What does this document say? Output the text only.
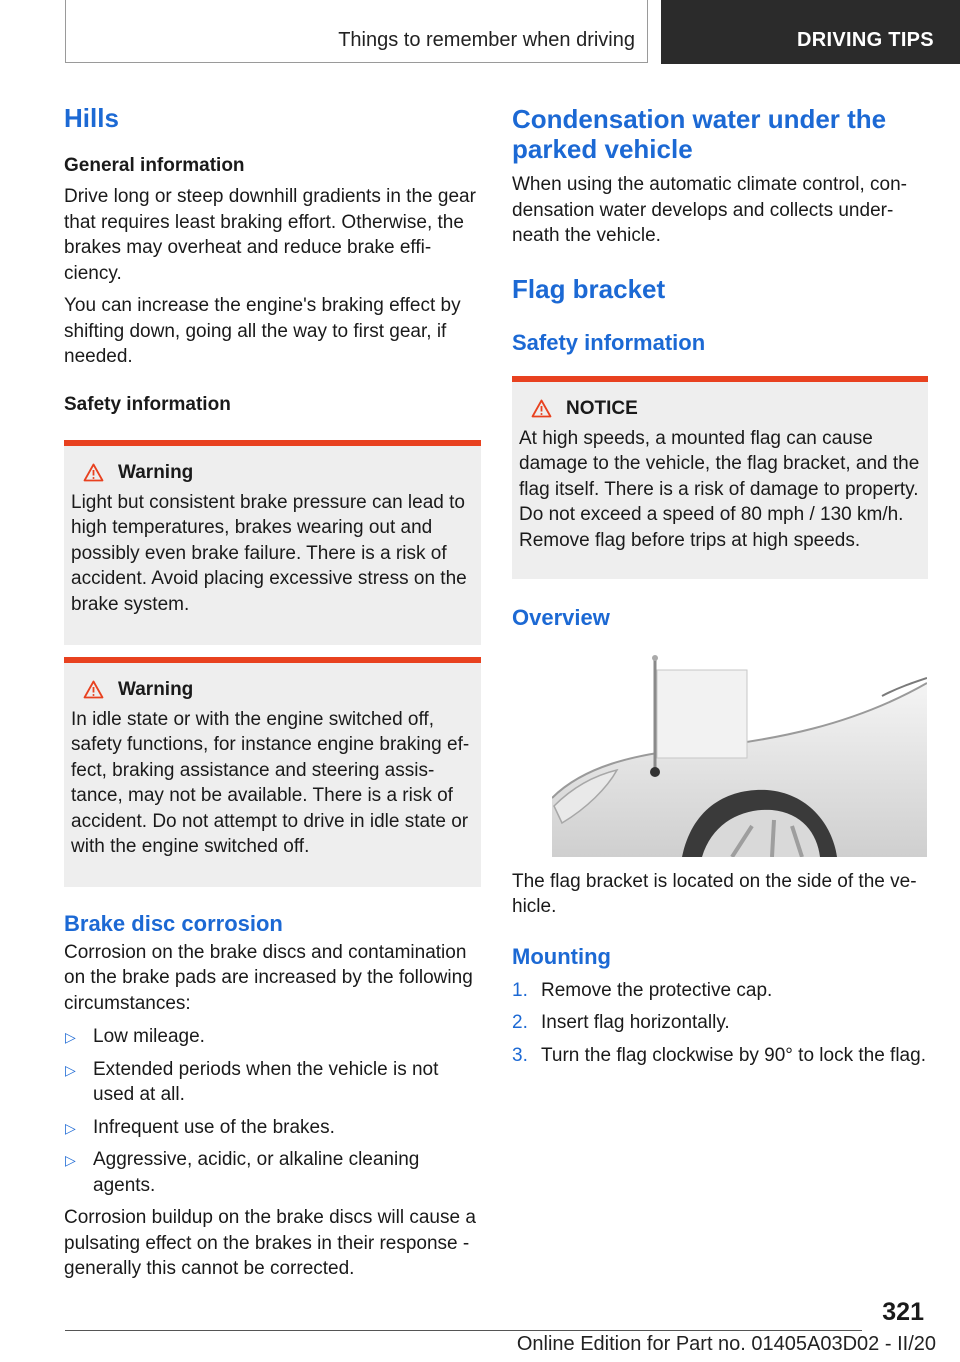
Things to remember when driving	DRIVING TIPS
Hills
General information

Drive long or steep downhill gradients in the gear that requires least braking effort. Otherwise, the brakes may overheat and reduce brake effi ciency.

You can increase the engine's braking effect by shifting down, going all the way to first gear, if needed.

Safety information
Warning

Light but consistent brake pressure can lead to high temperatures, brakes wearing out and possibly even brake failure. There is a risk of accident. Avoid placing excessive stress on the brake system.

Warning

In idle state or with the engine switched off, safety functions, for instance engine braking ef fect, braking assistance and steering assis tance, may not be available. There is a risk of accident. Do not attempt to drive in idle state or with the engine switched off.

Brake disc corrosion

Corrosion on the brake discs and contamination on the brake pads are increased by the following circumstances:

▷ Low mileage.
▷ Extended periods when the vehicle is not used at all.
▷ Infrequent use of the brakes.
▷ Aggressive, acidic, or alkaline cleaning agents.

Corrosion buildup on the brake discs will cause a pulsating effect on the brakes in their response - generally this cannot be corrected.

Condensation water under the parked vehicle

When using the automatic climate control, con densation water develops and collects under neath the vehicle.

Flag bracket
Safety information
NOTICE

At high speeds, a mounted flag can cause damage to the vehicle, the flag bracket, and the flag itself. There is a risk of damage to property. Do not exceed a speed of 80 mph / 130 km/h. Remove flag before trips at high speeds.

Overview

The flag bracket is located on the side of the ve hicle.

Mounting
1. Remove the protective cap.
2. Insert flag horizontally.
3. Turn the flag clockwise by 90° to lock the flag.
321
Online Edition for Part no. 01405A03D02 - II/20
